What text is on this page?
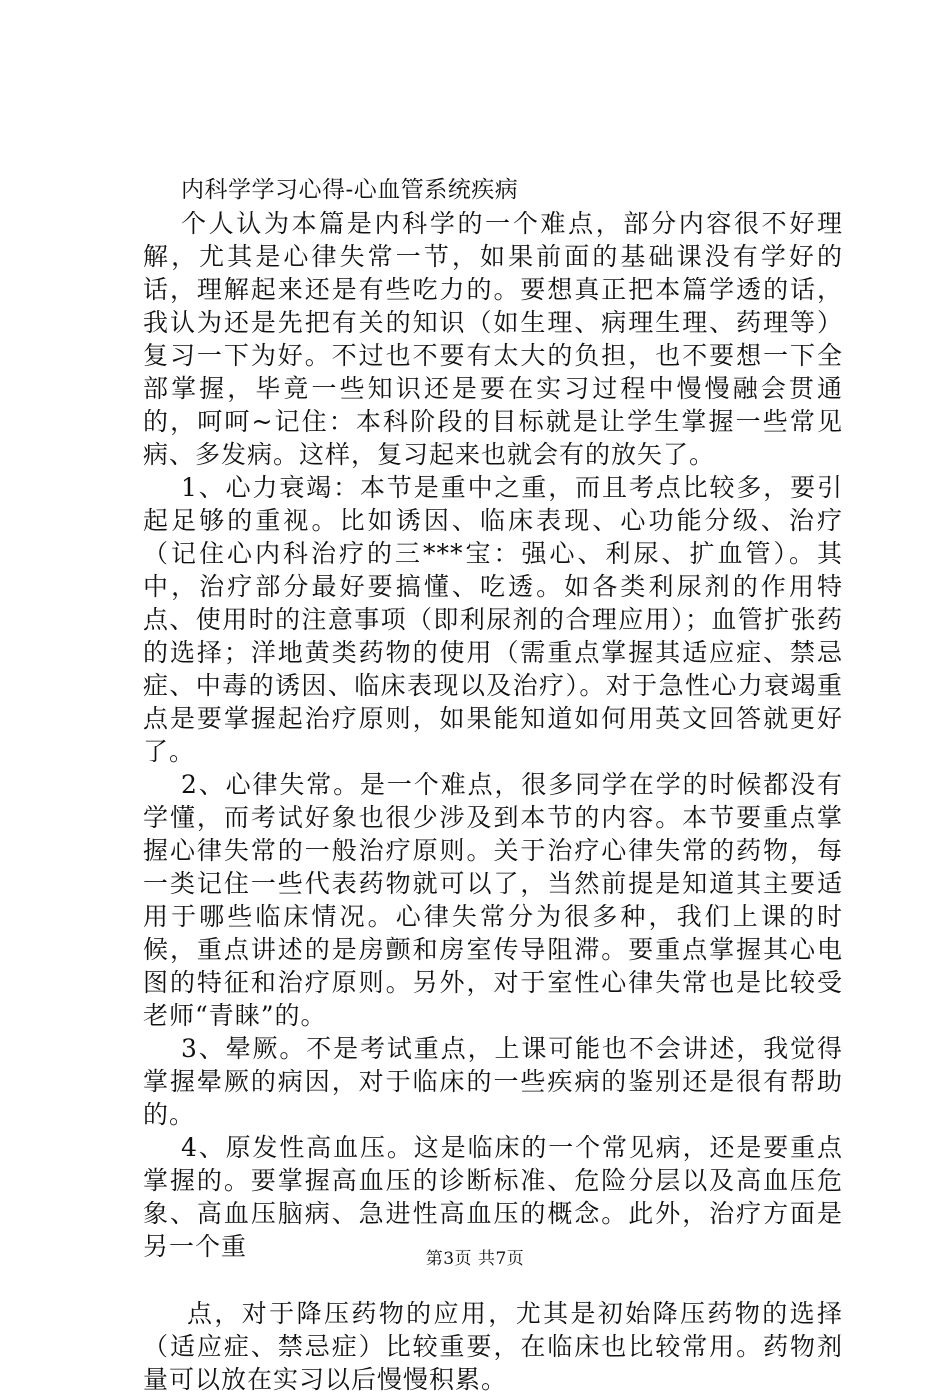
内科学学习心得-心血管系统疾病

个人认为本篇是内科学的一个难点，部分内容很不好理解，尤其是心律失常一节，如果前面的基础课没有学好的话，理解起来还是有些吃力的。要想真正把本篇学透的话，我认为还是先把有关的知识（如生理、病理生理、药理等）复习一下为好。不过也不要有太大的负担，也不要想一下全部掌握，毕竟一些知识还是要在实习过程中慢慢融会贯通的，呵呵~记住：本科阶段的目标就是让学生掌握一些常见病、多发病。这样，复习起来也就会有的放矢了。

1、心力衰竭：本节是重中之重，而且考点比较多，要引起足够的重视。比如诱因、临床表现、心功能分级、治疗（记住心内科治疗的三***宝：强心、利尿、扩血管）。其中，治疗部分最好要搞懂、吃透。如各类利尿剂的作用特点、使用时的注意事项（即利尿剂的合理应用）；血管扩张药的选择；洋地黄类药物的使用（需重点掌握其适应症、禁忌症、中毒的诱因、临床表现以及治疗）。对于急性心力衰竭重点是要掌握起治疗原则，如果能知道如何用英文回答就更好了。

2、心律失常。是一个难点，很多同学在学的时候都没有学懂，而考试好象也很少涉及到本节的内容。本节要重点掌握心律失常的一般治疗原则。关于治疗心律失常的药物，每一类记住一些代表药物就可以了，当然前提是知道其主要适用于哪些临床情况。心律失常分为很多种，我们上课的时候，重点讲述的是房颤和房室传导阻滞。要重点掌握其心电图的特征和治疗原则。另外，对于室性心律失常也是比较受老师“青睐”的。

3、晕厥。不是考试重点，上课可能也不会讲述，我觉得掌握晕厥的病因，对于临床的一些疾病的鉴别还是很有帮助的。

4、原发性高血压。这是临床的一个常见病，还是要重点掌握的。要掌握高血压的诊断标准、危险分层以及高血压危象、高血压脑病、急进性高血压的概念。此外，治疗方面是另一个重

点，对于降压药物的应用，尤其是初始降压药物的选择（适应症、禁忌症）比较重要，在临床也比较常用。药物剂量可以放在实习以后慢慢积累。

第3页 共7页
